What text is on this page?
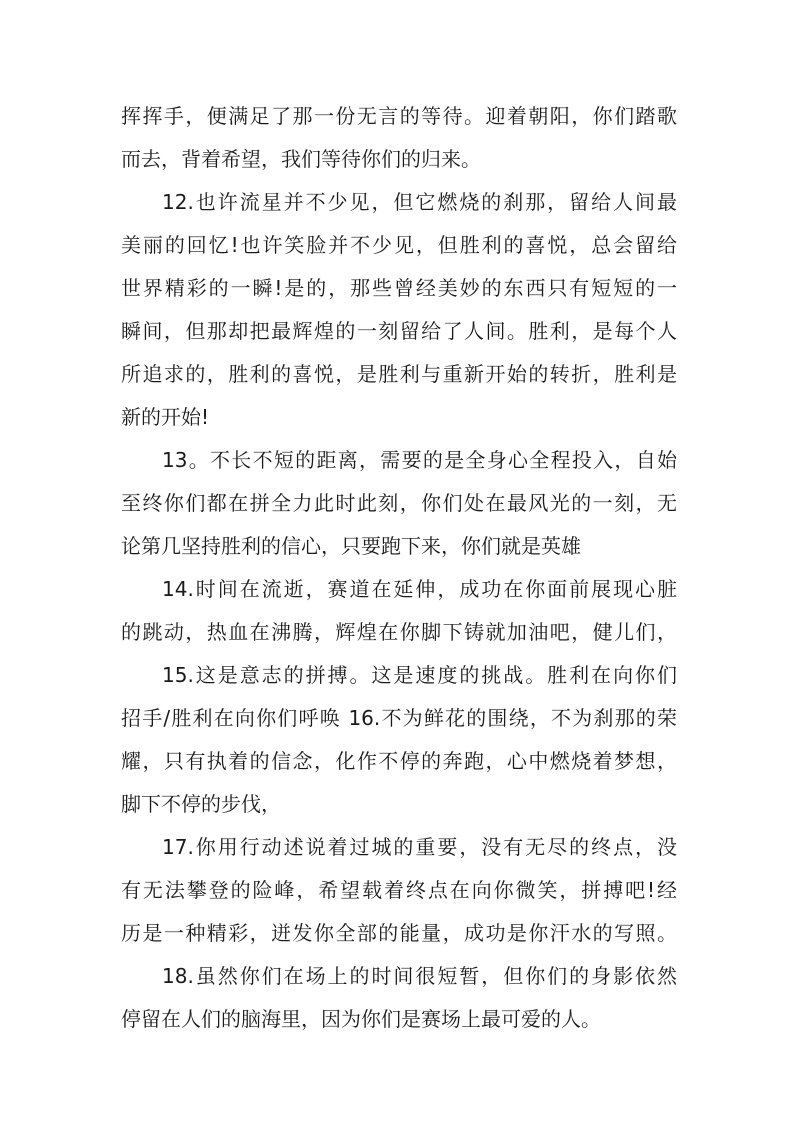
挥挥手，便满足了那一份无言的等待。迎着朝阳，你们踏歌
而去，背着希望，我们等待你们的归来。
12.也许流星并不少见，但它燃烧的刹那，留给人间最
美丽的回忆!也许笑脸并不少见，但胜利的喜悦，总会留给
世界精彩的一瞬!是的，那些曾经美妙的东西只有短短的一
瞬间，但那却把最辉煌的一刻留给了人间。胜利，是每个人
所追求的，胜利的喜悦，是胜利与重新开始的转折，胜利是
新的开始!
13。不长不短的距离，需要的是全身心全程投入，自始
至终你们都在拼全力此时此刻，你们处在最风光的一刻，无
论第几坚持胜利的信心，只要跑下来，你们就是英雄
14.时间在流逝，赛道在延伸，成功在你面前展现心脏
的跳动，热血在沸腾，辉煌在你脚下铸就加油吧，健儿们，
15.这是意志的拼搏。这是速度的挑战。胜利在向你们
招手/胜利在向你们呼唤 16.不为鲜花的围绕，不为刹那的荣
耀，只有执着的信念，化作不停的奔跑，心中燃烧着梦想，
脚下不停的步伐，
17.你用行动述说着过城的重要，没有无尽的终点，没
有无法攀登的险峰，希望载着终点在向你微笑，拼搏吧!经
历是一种精彩，迸发你全部的能量，成功是你汗水的写照。
18.虽然你们在场上的时间很短暂，但你们的身影依然
停留在人们的脑海里，因为你们是赛场上最可爱的人。
